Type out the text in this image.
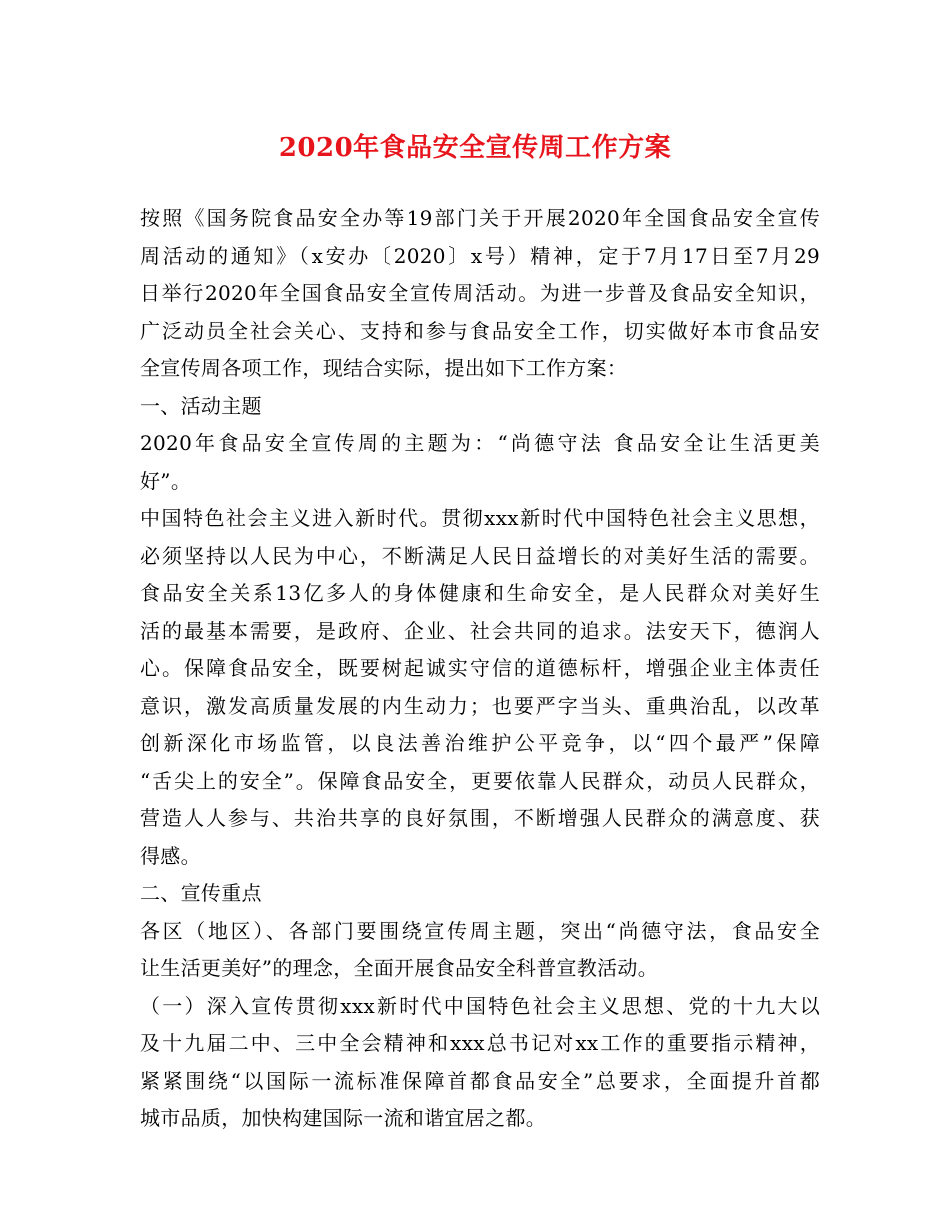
2020年食品安全宣传周工作方案
按照《国务院食品安全办等19部门关于开展2020年全国食品安全宣传
周活动的通知》（x安办〔2020〕x号）精神，定于7月17日至7月29
日举行2020年全国食品安全宣传周活动。为进一步普及食品安全知识，
广泛动员全社会关心、支持和参与食品安全工作，切实做好本市食品安
全宣传周各项工作，现结合实际，提出如下工作方案：
一、活动主题
2020年食品安全宣传周的主题为：“尚德守法 食品安全让生活更美
好”。
中国特色社会主义进入新时代。贯彻xxx新时代中国特色社会主义思想，
必须坚持以人民为中心，不断满足人民日益增长的对美好生活的需要。
食品安全关系13亿多人的身体健康和生命安全，是人民群众对美好生
活的最基本需要，是政府、企业、社会共同的追求。法安天下，德润人
心。保障食品安全，既要树起诚实守信的道德标杆，增强企业主体责任
意识，激发高质量发展的内生动力；也要严字当头、重典治乱，以改革
创新深化市场监管，以良法善治维护公平竞争，以“四个最严”保障
“舌尖上的安全”。保障食品安全，更要依靠人民群众，动员人民群众，
营造人人参与、共治共享的良好氛围，不断增强人民群众的满意度、获
得感。
二、宣传重点
各区（地区）、各部门要围绕宣传周主题，突出“尚德守法，食品安全
让生活更美好”的理念，全面开展食品安全科普宣教活动。
（一）深入宣传贯彻xxx新时代中国特色社会主义思想、党的十九大以
及十九届二中、三中全会精神和xxx总书记对xx工作的重要指示精神，
紧紧围绕“以国际一流标准保障首都食品安全”总要求，全面提升首都
城市品质，加快构建国际一流和谐宜居之都。
